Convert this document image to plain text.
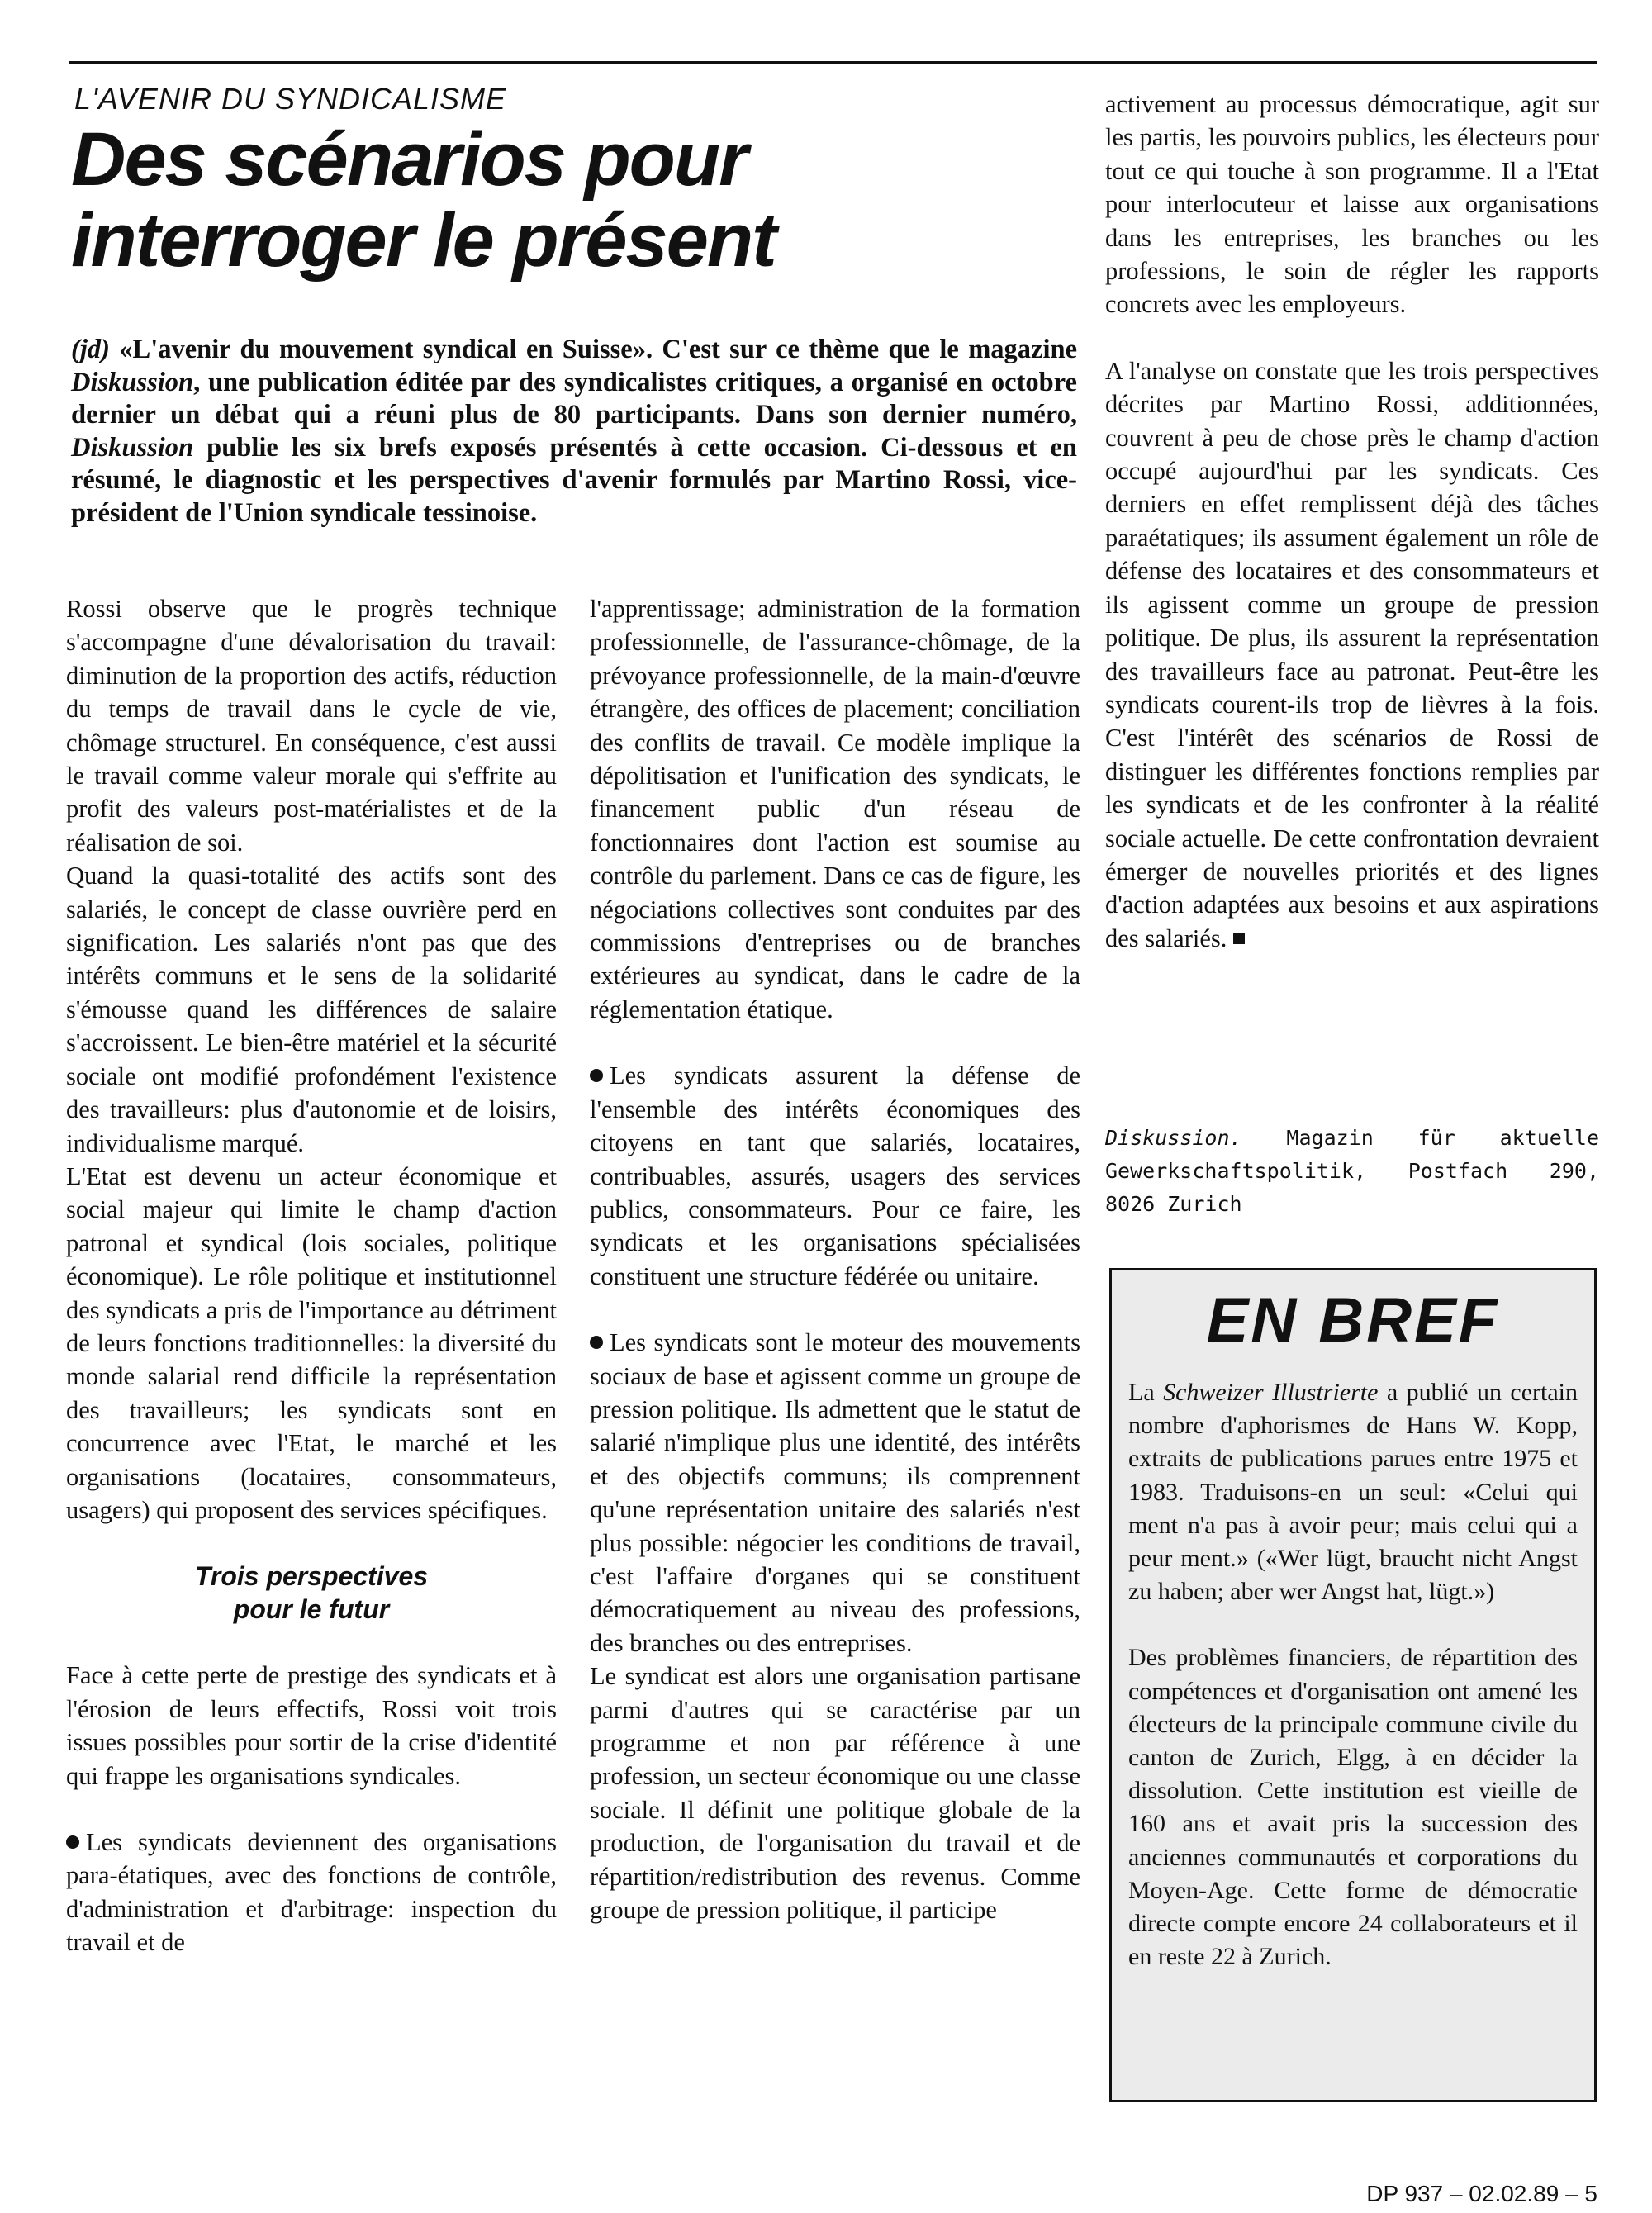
L'AVENIR DU SYNDICALISME

Des scénarios pour interroger le présent

(jd) «L'avenir du mouvement syndical en Suisse». C'est sur ce thème que le magazine Diskussion, une publication éditée par des syndicalistes critiques, a organisé en octobre dernier un débat qui a réuni plus de 80 participants. Dans son dernier numéro, Diskussion publie les six brefs exposés présentés à cette occasion. Ci-dessous et en résumé, le diagnostic et les perspectives d'avenir formulés par Martino Rossi, vice-président de l'Union syndicale tessinoise.

Rossi observe que le progrès technique s'accompagne d'une dévalorisation du travail: diminution de la proportion des actifs, réduction du temps de travail dans le cycle de vie, chômage structurel. En conséquence, c'est aussi le travail comme valeur morale qui s'effrite au profit des valeurs post-matérialistes et de la réalisation de soi.

Quand la quasi-totalité des actifs sont des salariés, le concept de classe ouvrière perd en signification. Les salariés n'ont pas que des intérêts communs et le sens de la solidarité s'émousse quand les différences de salaire s'accroissent. Le bien-être matériel et la sécurité sociale ont modifié profondément l'existence des travailleurs: plus d'autonomie et de loisirs, individualisme marqué.

L'Etat est devenu un acteur économique et social majeur qui limite le champ d'action patronal et syndical (lois sociales, politique économique). Le rôle politique et institutionnel des syndicats a pris de l'importance au détriment de leurs fonctions traditionnelles: la diversité du monde salarial rend difficile la représentation des travailleurs; les syndicats sont en concurrence avec l'Etat, le marché et les organisations (locataires, consommateurs, usagers) qui proposent des services spécifiques.

Trois perspectives
pour le futur

Face à cette perte de prestige des syndicats et à l'érosion de leurs effectifs, Rossi voit trois issues possibles pour sortir de la crise d'identité qui frappe les organisations syndicales.

Les syndicats deviennent des organisations para-étatiques, avec des fonctions de contrôle, d'administration et d'arbitrage: inspection du travail et de

l'apprentissage; administration de la formation professionnelle, de l'assurance-chômage, de la prévoyance professionnelle, de la main-d'œuvre étrangère, des offices de placement; conciliation des conflits de travail. Ce modèle implique la dépolitisation et l'unification des syndicats, le financement public d'un réseau de fonctionnaires dont l'action est soumise au contrôle du parlement. Dans ce cas de figure, les négociations collectives sont conduites par des commissions d'entreprises ou de branches extérieures au syndicat, dans le cadre de la réglementation étatique.

Les syndicats assurent la défense de l'ensemble des intérêts économiques des citoyens en tant que salariés, locataires, contribuables, assurés, usagers des services publics, consommateurs. Pour ce faire, les syndicats et les organisations spécialisées constituent une structure fédérée ou unitaire.

Les syndicats sont le moteur des mouvements sociaux de base et agissent comme un groupe de pression politique. Ils admettent que le statut de salarié n'implique plus une identité, des intérêts et des objectifs communs; ils comprennent qu'une représentation unitaire des salariés n'est plus possible: négocier les conditions de travail, c'est l'affaire d'organes qui se constituent démocratiquement au niveau des professions, des branches ou des entreprises.

Le syndicat est alors une organisation partisane parmi d'autres qui se caractérise par un programme et non par référence à une profession, un secteur économique ou une classe sociale. Il définit une politique globale de la production, de l'organisation du travail et de répartition/redistribution des revenus. Comme groupe de pression politique, il participe

activement au processus démocratique, agit sur les partis, les pouvoirs publics, les électeurs pour tout ce qui touche à son programme. Il a l'Etat pour interlocuteur et laisse aux organisations dans les entreprises, les branches ou les professions, le soin de régler les rapports concrets avec les employeurs.

A l'analyse on constate que les trois perspectives décrites par Martino Rossi, additionnées, couvrent à peu de chose près le champ d'action occupé aujourd'hui par les syndicats. Ces derniers en effet remplissent déjà des tâches paraétatiques; ils assument également un rôle de défense des locataires et des consommateurs et ils agissent comme un groupe de pression politique. De plus, ils assurent la représentation des travailleurs face au patronat. Peut-être les syndicats courent-ils trop de lièvres à la fois. C'est l'intérêt des scénarios de Rossi de distinguer les différentes fonctions remplies par les syndicats et de les confronter à la réalité sociale actuelle. De cette confrontation devraient émerger de nouvelles priorités et des lignes d'action adaptées aux besoins et aux aspirations des salariés.

Diskussion. Magazin für aktuelle Gewerkschaftspolitik, Postfach 290, 8026 Zurich

EN BREF

La Schweizer Illustrierte a publié un certain nombre d'aphorismes de Hans W. Kopp, extraits de publications parues entre 1975 et 1983. Traduisons-en un seul: «Celui qui ment n'a pas à avoir peur; mais celui qui a peur ment.» («Wer lügt, braucht nicht Angst zu haben; aber wer Angst hat, lügt.»)

Des problèmes financiers, de répartition des compétences et d'organisation ont amené les électeurs de la principale commune civile du canton de Zurich, Elgg, à en décider la dissolution. Cette institution est vieille de 160 ans et avait pris la succession des anciennes communautés et corporations du Moyen-Age. Cette forme de démocratie directe compte encore 24 collaborateurs et il en reste 22 à Zurich.

DP 937 – 02.02.89 – 5
